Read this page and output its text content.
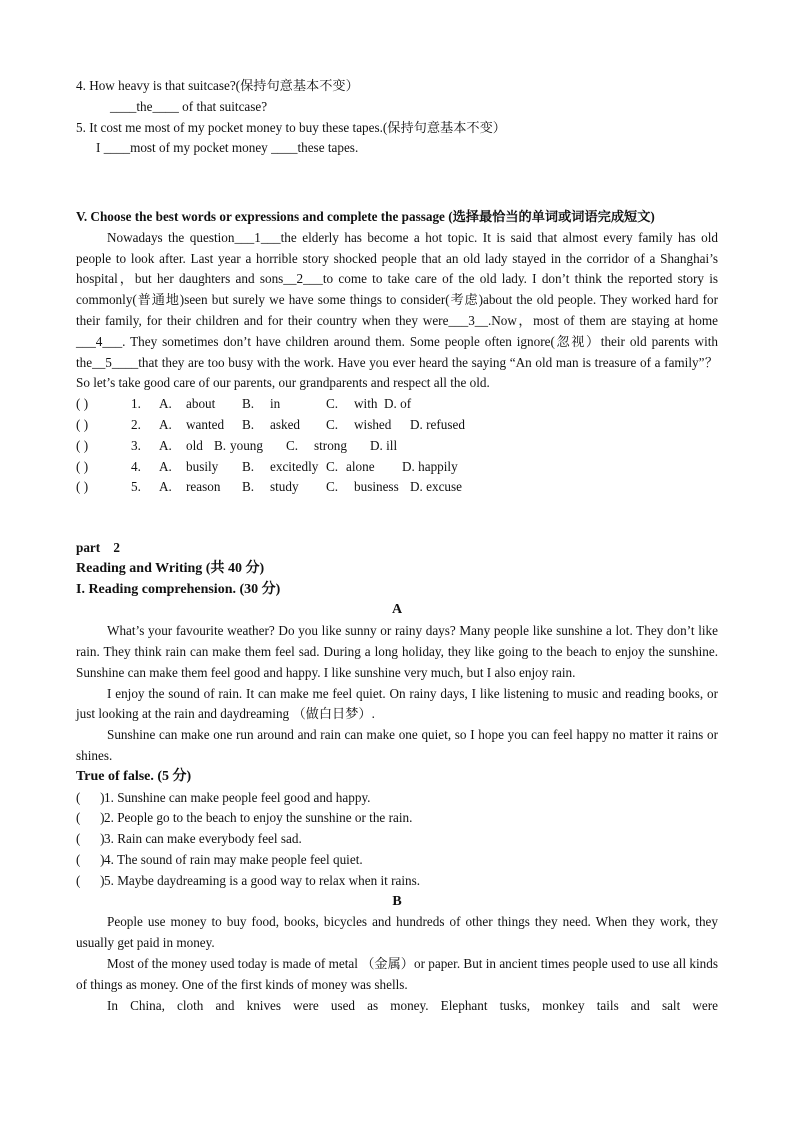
4. How heavy is that suitcase?(保持句意基本不变）
____the____ of that suitcase?
5. It cost me most of my pocket money to buy these tapes.(保持句意基本不变）
I ____most of my pocket money ____these tapes.
V. Choose the best words or expressions and complete the passage (选择最恰当的单词或词语完成短文)
Nowadays the question___1___the elderly has become a hot topic. It is said that almost every family has old people to look after. Last year a horrible story shocked people that an old lady stayed in the corridor of a Shanghai’s hospital，but her daughters and sons__2___to come to take care of the old lady. I don’t think the reported story is commonly(普通地)seen but surely we have some things to consider(考虑)about the old people. They worked hard for their family, for their children and for their country when they were___3__.Now，most of them are staying at home ___4___. They sometimes don’t have children around them. Some people often ignore(忽视）their old parents with the__5____that they are too busy with the work. Have you ever heard the saying “An old man is treasure of a family”？ So let’s take good care of our parents, our grandparents and respect all the old.
( )	1.	A.	about	B.	in	C.	with D. of
( )	2.	A.	wanted	B.	asked	C.	wished	D. refused
( )	3.	A.	old B. young	C.	strong	D. ill
( )	4.	A.	busily	B.	excitedly C. alone	D. happily
( )	5.	A.	reason	B.	study	C.	business D. excuse
part    2
Reading and Writing (共 40 分)
I. Reading comprehension. (30 分)
A
What’s your favourite weather? Do you like sunny or rainy days? Many people like sunshine a lot. They don’t like rain. They think rain can make them feel sad. During a long holiday, they like going to the beach to enjoy the sunshine. Sunshine can make them feel good and happy. I like sunshine very much, but I also enjoy rain.
I enjoy the sound of rain. It can make me feel quiet. On rainy days, I like listening to music and reading books, or just looking at the rain and daydreaming （做白日梦）.
Sunshine can make one run around and rain can make one quiet, so I hope you can feel happy no matter it rains or shines.
True of false. (5 分)
(      ) 1. Sunshine can make people feel good and happy.
(      ) 2. People go to the beach to enjoy the sunshine or the rain.
(      ) 3. Rain can make everybody feel sad.
(      ) 4. The sound of rain may make people feel quiet.
(      ) 5. Maybe daydreaming is a good way to relax when it rains.
B
People use money to buy food, books, bicycles and hundreds of other things they need. When they work, they usually get paid in money.
Most of the money used today is made of metal （金属）or paper. But in ancient times people used to use all kinds of things as money. One of the first kinds of money was shells.
In China, cloth and knives were used as money. Elephant tusks, monkey tails and salt were
